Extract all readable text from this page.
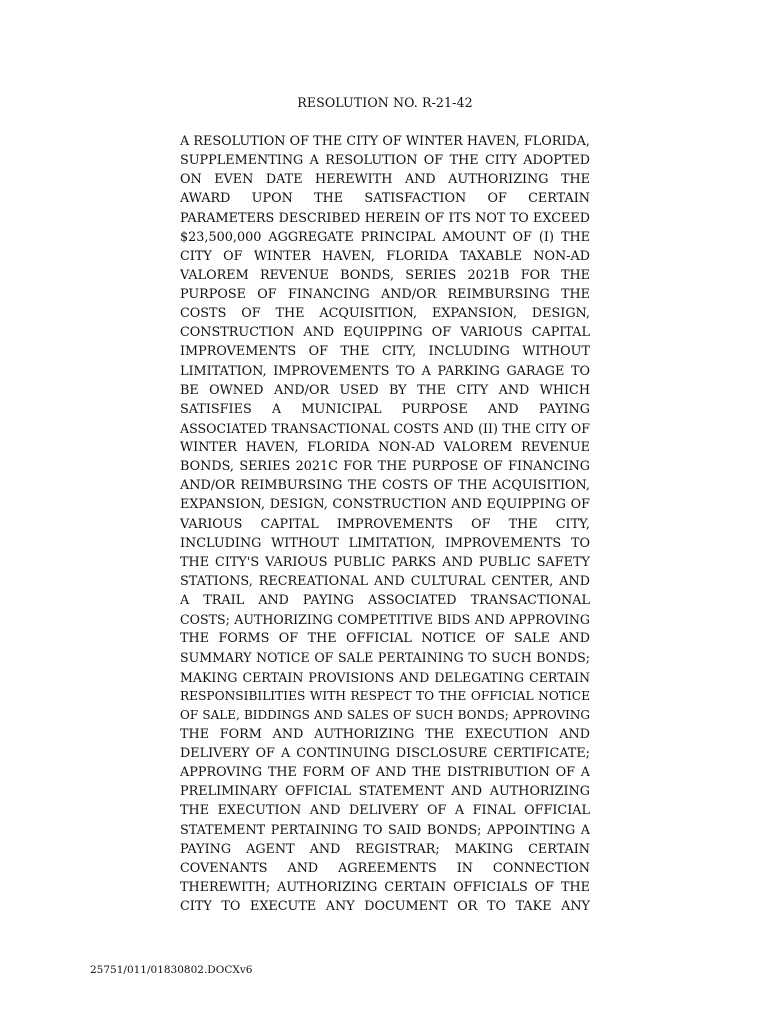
RESOLUTION NO. R-21-42
A RESOLUTION OF THE CITY OF WINTER HAVEN, FLORIDA,
SUPPLEMENTING A RESOLUTION OF THE CITY ADOPTED
ON EVEN DATE HEREWITH AND AUTHORIZING THE
AWARD UPON THE SATISFACTION OF CERTAIN
PARAMETERS DESCRIBED HEREIN OF ITS NOT TO EXCEED
$23,500,000 AGGREGATE PRINCIPAL AMOUNT OF (I) THE
CITY OF WINTER HAVEN, FLORIDA TAXABLE NON-AD
VALOREM REVENUE BONDS, SERIES 2021B FOR THE
PURPOSE OF FINANCING AND/OR REIMBURSING THE
COSTS OF THE ACQUISITION, EXPANSION, DESIGN,
CONSTRUCTION AND EQUIPPING OF VARIOUS CAPITAL
IMPROVEMENTS OF THE CITY, INCLUDING WITHOUT
LIMITATION, IMPROVEMENTS TO A PARKING GARAGE TO
BE OWNED AND/OR USED BY THE CITY AND WHICH
SATISFIES A MUNICIPAL PURPOSE AND PAYING
ASSOCIATED TRANSACTIONAL COSTS AND (II) THE CITY OF
WINTER HAVEN, FLORIDA NON-AD VALOREM REVENUE
BONDS, SERIES 2021C FOR THE PURPOSE OF FINANCING
AND/OR REIMBURSING THE COSTS OF THE ACQUISITION,
EXPANSION, DESIGN, CONSTRUCTION AND EQUIPPING OF
VARIOUS CAPITAL IMPROVEMENTS OF THE CITY,
INCLUDING WITHOUT LIMITATION, IMPROVEMENTS TO
THE CITY'S VARIOUS PUBLIC PARKS AND PUBLIC SAFETY
STATIONS, RECREATIONAL AND CULTURAL CENTER, AND
A TRAIL AND PAYING ASSOCIATED TRANSACTIONAL
COSTS; AUTHORIZING COMPETITIVE BIDS AND APPROVING
THE FORMS OF THE OFFICIAL NOTICE OF SALE AND
SUMMARY NOTICE OF SALE PERTAINING TO SUCH BONDS;
MAKING CERTAIN PROVISIONS AND DELEGATING CERTAIN
RESPONSIBILITIES WITH RESPECT TO THE OFFICIAL NOTICE
OF SALE, BIDDINGS AND SALES OF SUCH BONDS; APPROVING
THE FORM AND AUTHORIZING THE EXECUTION AND
DELIVERY OF A CONTINUING DISCLOSURE CERTIFICATE;
APPROVING THE FORM OF AND THE DISTRIBUTION OF A
PRELIMINARY OFFICIAL STATEMENT AND AUTHORIZING
THE EXECUTION AND DELIVERY OF A FINAL OFFICIAL
STATEMENT PERTAINING TO SAID BONDS; APPOINTING A
PAYING AGENT AND REGISTRAR; MAKING CERTAIN
COVENANTS AND AGREEMENTS IN CONNECTION
THEREWITH; AUTHORIZING CERTAIN OFFICIALS OF THE
CITY TO EXECUTE ANY DOCUMENT OR TO TAKE ANY
25751/011/01830802.DOCXv6
